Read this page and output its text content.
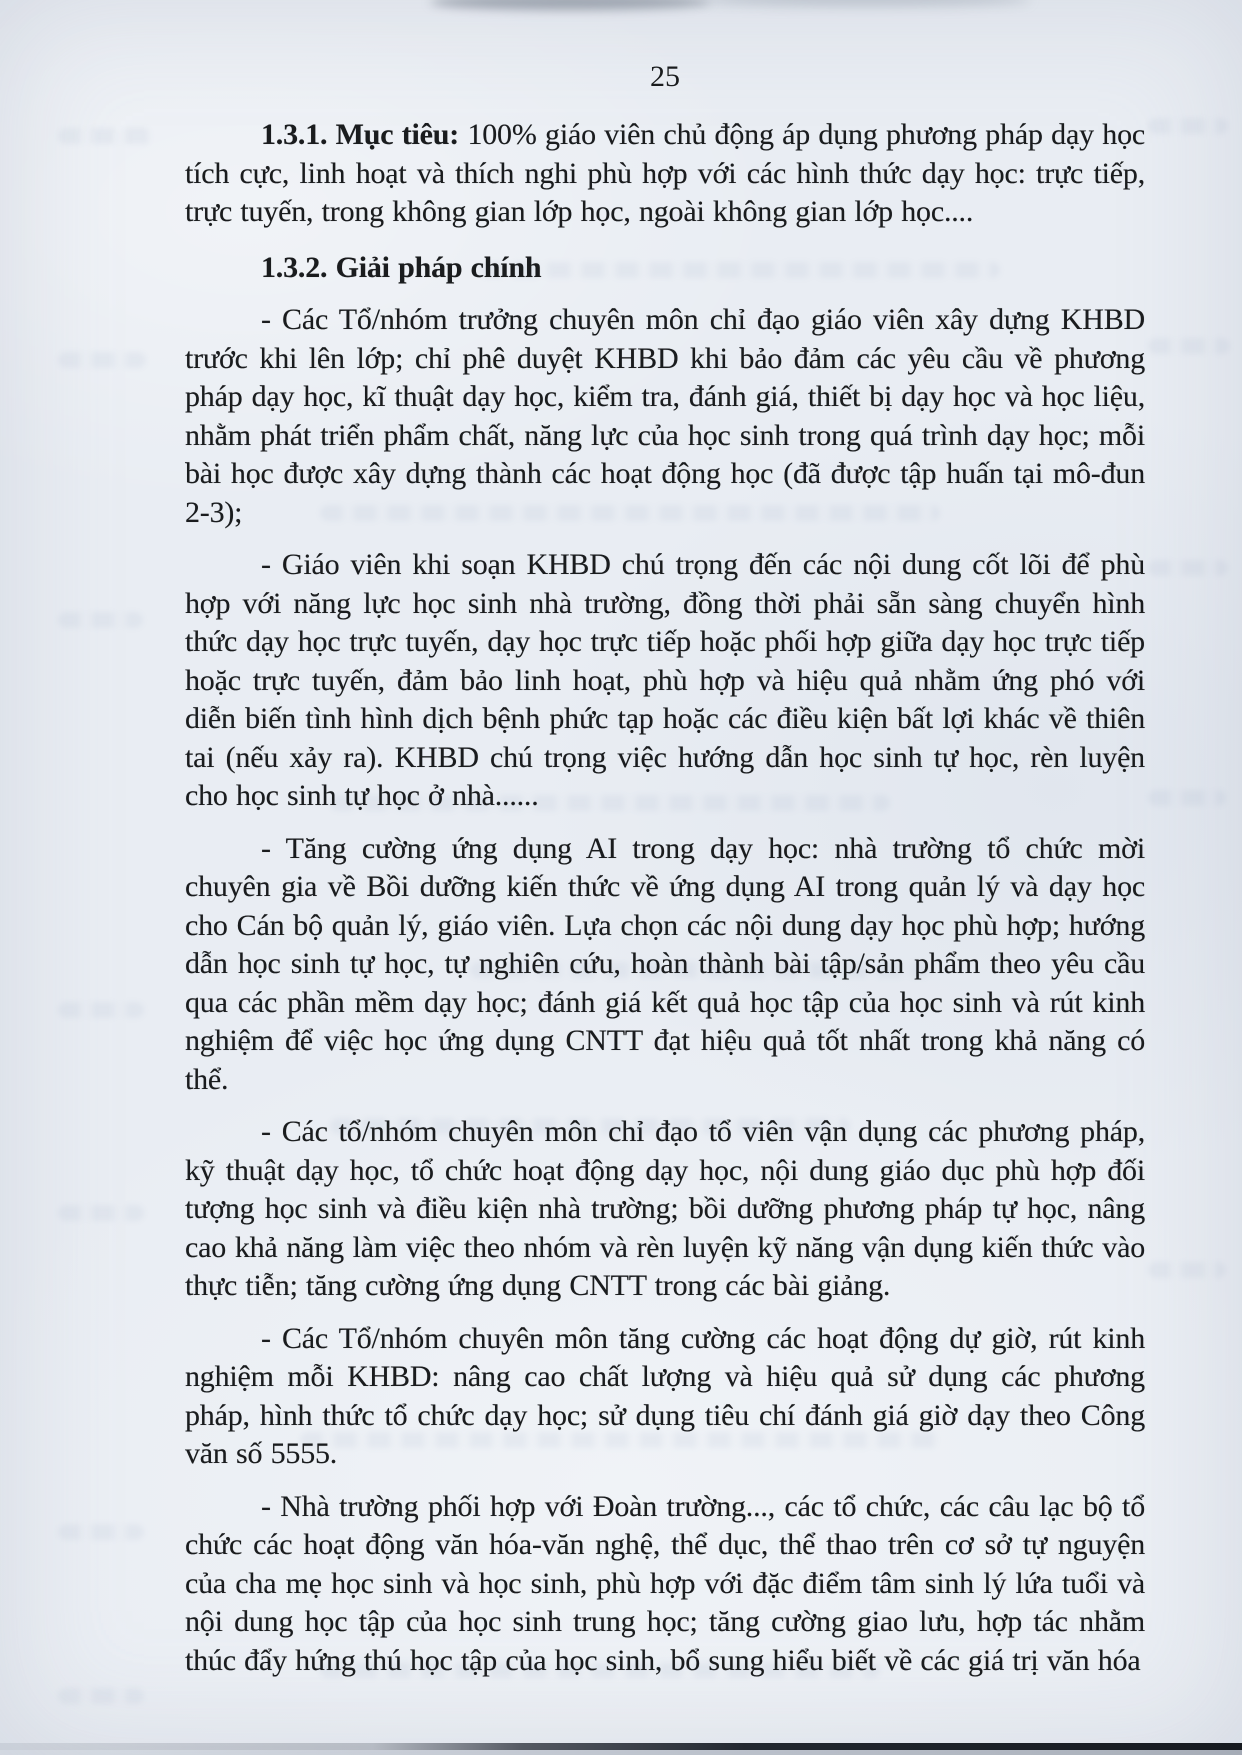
25

1.3.1. Mục tiêu: 100% giáo viên chủ động áp dụng phương pháp dạy học tích cực, linh hoạt và thích nghi phù hợp với các hình thức dạy học: trực tiếp, trực tuyến, trong không gian lớp học, ngoài không gian lớp học....

1.3.2. Giải pháp chính

- Các Tổ/nhóm trưởng chuyên môn chỉ đạo giáo viên xây dựng KHBD trước khi lên lớp; chỉ phê duyệt KHBD khi bảo đảm các yêu cầu về phương pháp dạy học, kĩ thuật dạy học, kiểm tra, đánh giá, thiết bị dạy học và học liệu, nhằm phát triển phẩm chất, năng lực của học sinh trong quá trình dạy học; mỗi bài học được xây dựng thành các hoạt động học (đã được tập huấn tại mô-đun 2-3);

- Giáo viên khi soạn KHBD chú trọng đến các nội dung cốt lõi để phù hợp với năng lực học sinh nhà trường, đồng thời phải sẵn sàng chuyển hình thức dạy học trực tuyến, dạy học trực tiếp hoặc phối hợp giữa dạy học trực tiếp hoặc trực tuyến, đảm bảo linh hoạt, phù hợp và hiệu quả nhằm ứng phó với diễn biến tình hình dịch bệnh phức tạp hoặc các điều kiện bất lợi khác về thiên tai (nếu xảy ra). KHBD chú trọng việc hướng dẫn học sinh tự học, rèn luyện cho học sinh tự học ở nhà......

- Tăng cường ứng dụng AI trong dạy học: nhà trường tổ chức mời chuyên gia về Bồi dưỡng kiến thức về ứng dụng AI trong quản lý và dạy học cho Cán bộ quản lý, giáo viên. Lựa chọn các nội dung dạy học phù hợp; hướng dẫn học sinh tự học, tự nghiên cứu, hoàn thành bài tập/sản phẩm theo yêu cầu qua các phần mềm dạy học; đánh giá kết quả học tập của học sinh và rút kinh nghiệm để việc học ứng dụng CNTT đạt hiệu quả tốt nhất trong khả năng có thể.

- Các tổ/nhóm chuyên môn chỉ đạo tổ viên vận dụng các phương pháp, kỹ thuật dạy học, tổ chức hoạt động dạy học, nội dung giáo dục phù hợp đối tượng học sinh và điều kiện nhà trường; bồi dưỡng phương pháp tự học, nâng cao khả năng làm việc theo nhóm và rèn luyện kỹ năng vận dụng kiến thức vào thực tiễn; tăng cường ứng dụng CNTT trong các bài giảng.

- Các Tổ/nhóm chuyên môn tăng cường các hoạt động dự giờ, rút kinh nghiệm mỗi KHBD: nâng cao chất lượng và hiệu quả sử dụng các phương pháp, hình thức tổ chức dạy học; sử dụng tiêu chí đánh giá giờ dạy theo Công văn số 5555.

- Nhà trường phối hợp với Đoàn trường..., các tổ chức, các câu lạc bộ tổ chức các hoạt động văn hóa-văn nghệ, thể dục, thể thao trên cơ sở tự nguyện của cha mẹ học sinh và học sinh, phù hợp với đặc điểm tâm sinh lý lứa tuổi và nội dung học tập của học sinh trung học; tăng cường giao lưu, hợp tác nhằm thúc đẩy hứng thú học tập của học sinh, bổ sung hiểu biết về các giá trị văn hóa
